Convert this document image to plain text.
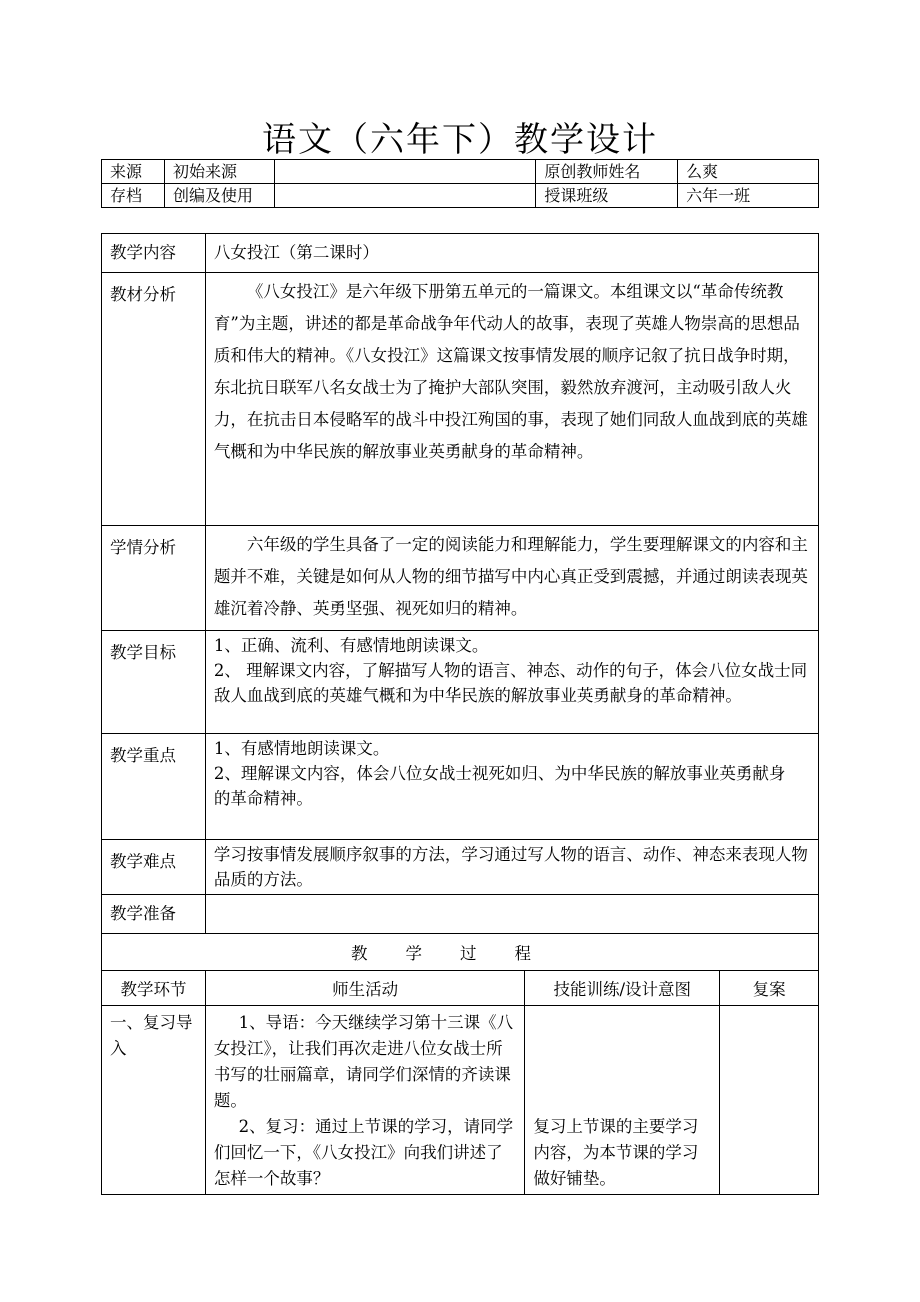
语文（六年下）教学设计
来源	初始来源		原创教师姓名	么爽
存档	创编及使用		授课班级	六年一班
教学内容	八女投江（第二课时）		
教材分析	《八女投江》是六年级下册第五单元的一篇课文。本组课文以“革命传统教育”为主题，讲述的都是革命战争年代动人的故事，表现了英雄人物崇高的思想品质和伟大的精神。《八女投江》这篇课文按事情发展的顺序记叙了抗日战争时期，东北抗日联军八名女战士为了掩护大部队突围，毅然放弃渡河，主动吸引敌人火力，在抗击日本侵略军的战斗中投江殉国的事，表现了她们同敌人血战到底的英雄气概和为中华民族的解放事业英勇献身的革命精神。		
学情分析	六年级的学生具备了一定的阅读能力和理解能力，学生要理解课文的内容和主题并不难，关键是如何从人物的细节描写中内心真正受到震撼，并通过朗读表现英雄沉着冷静、英勇坚强、视死如归的精神。		
教学目标	1、正确、流利、有感情地朗读课文。
2、 理解课文内容，了解描写人物的语言、神态、动作的句子，体会八位女战士同敌人血战到底的英雄气概和为中华民族的解放事业英勇献身的革命精神。		

教学重点	1、有感情地朗读课文。
2、理解课文内容，体会八位女战士视死如归、为中华民族的解放事业英勇献身
的革命精神。		

教学难点	学习按事情发展顺序叙事的方法，学习通过写人物的语言、动作、神态来表现人物品质的方法。		
教学准备			
教学过程			
教学环节	师生活动	技能训练/设计意图	复案
一、复习导入	1、导语：今天继续学习第十三课《八女投江》，让我们再次走进八位女战士所书写的壮丽篇章，请同学们深情的齐读课题。
2、复习：通过上节课的学习，请同学们回忆一下，《八女投江》向我们讲述了怎样一个故事？	复习上节课的主要学习内容，为本节课的学习做好铺垫。	
